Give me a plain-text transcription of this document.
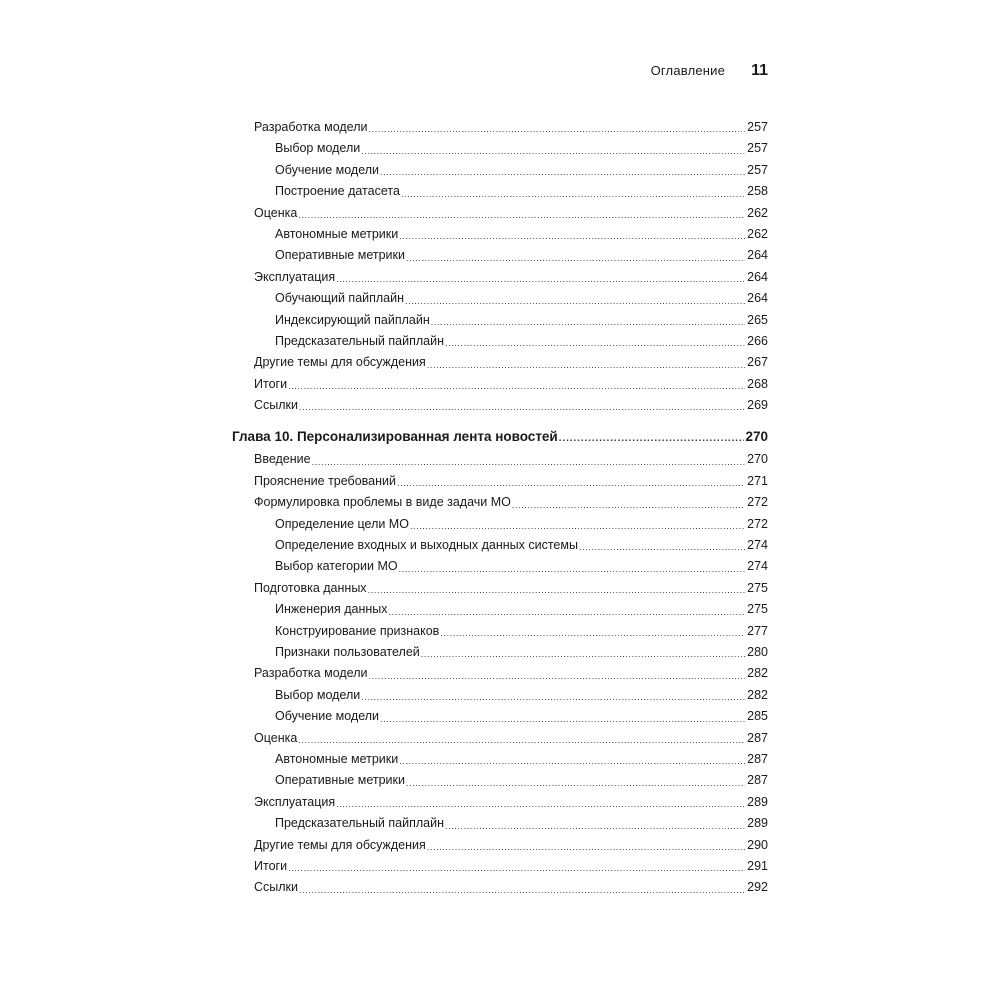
Оглавление 11
Разработка модели .....	257
Выбор модели .....	257
Обучение модели .....	257
Построение датасета .....	258
Оценка .....	262
Автономные метрики .....	262
Оперативные метрики .....	264
Эксплуатация .....	264
Обучающий пайплайн .....	264
Индексирующий пайплайн .....	265
Предсказательный пайплайн .....	266
Другие темы для обсуждения .....	267
Итоги .....	268
Ссылки .....	269
Глава 10. Персонализированная лента новостей .....	270
Введение .....	270
Прояснение требований .....	271
Формулировка проблемы в виде задачи МО .....	272
Определение цели МО .....	272
Определение входных и выходных данных системы .....	274
Выбор категории МО .....	274
Подготовка данных .....	275
Инженерия данных .....	275
Конструирование признаков .....	277
Признаки пользователей .....	280
Разработка модели .....	282
Выбор модели .....	282
Обучение модели .....	285
Оценка .....	287
Автономные метрики .....	287
Оперативные метрики .....	287
Эксплуатация .....	289
Предсказательный пайплайн .....	289
Другие темы для обсуждения .....	290
Итоги .....	291
Ссылки .....	292
